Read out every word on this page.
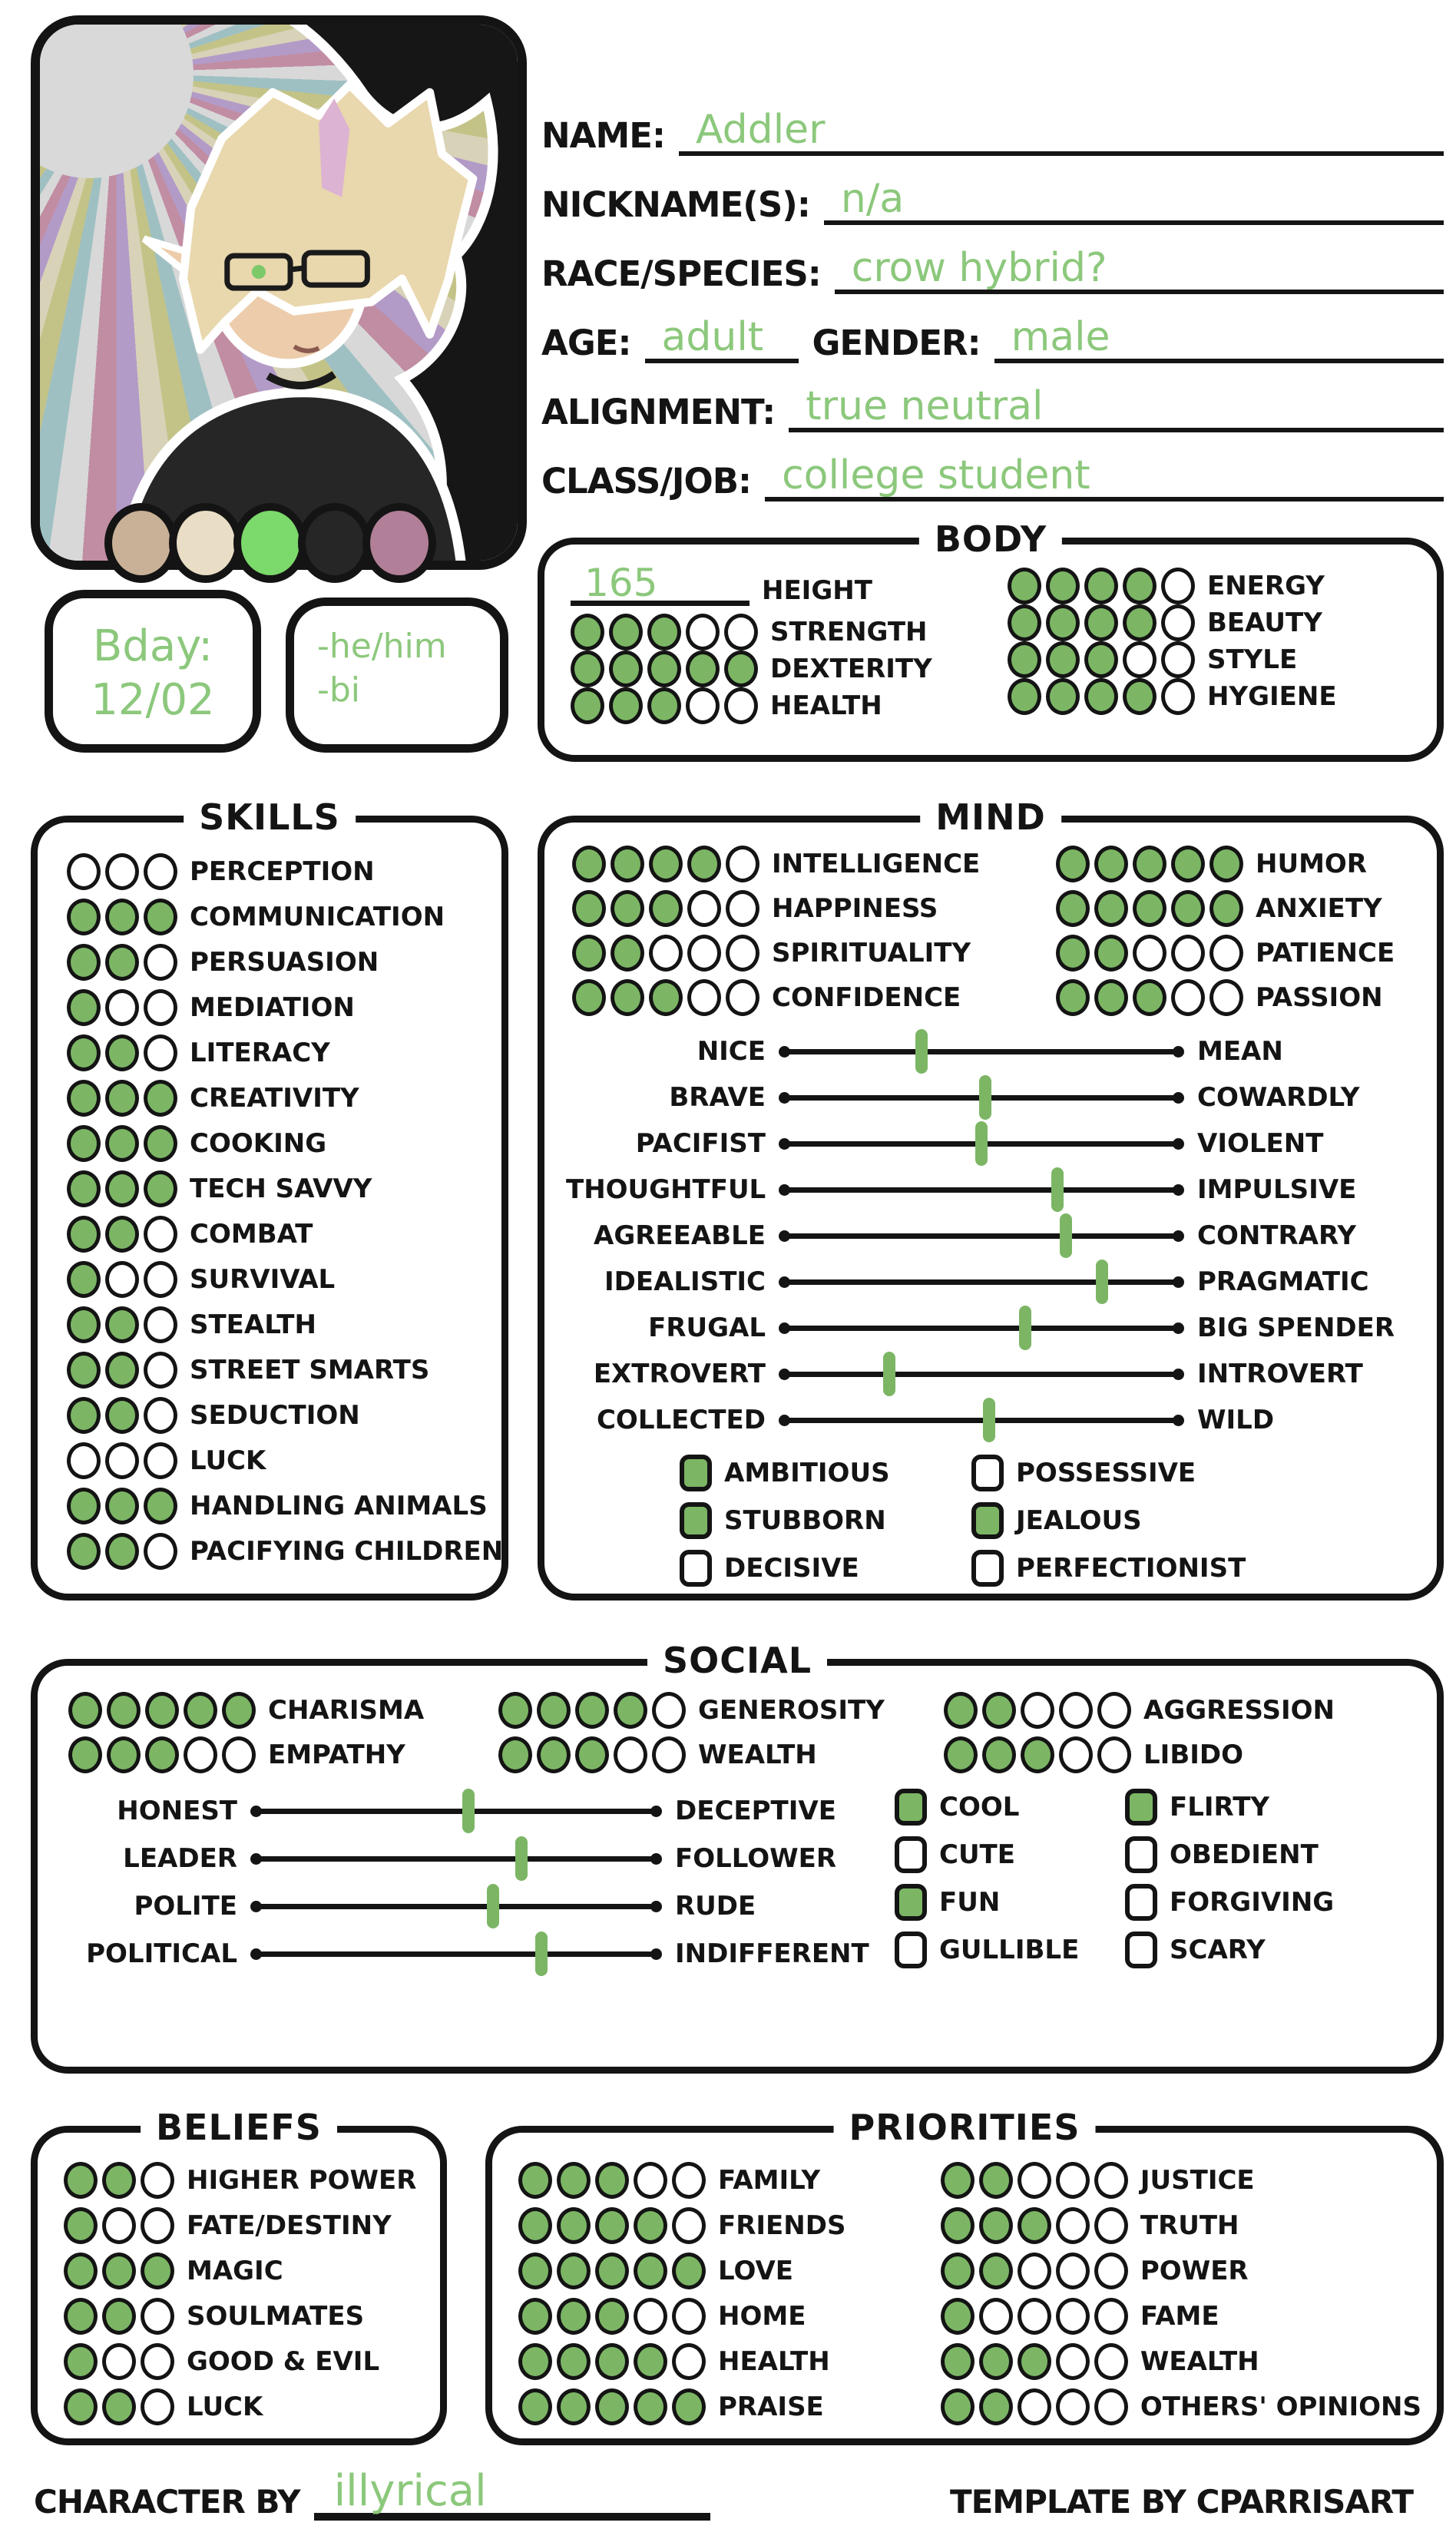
NAME: Addler
NICKNAME(S): n/a
RACE/SPECIES: crow hybrid?
AGE: adult	GENDER: male
ALIGNMENT: true neutral
CLASS/JOB: college student
Bday:
12/02
-he/him
-bi
BODY
165	HEIGHT
STRENGTH
DEXTERITY
HEALTH
ENERGY
BEAUTY
STYLE
HYGIENE
SKILLS
PERCEPTION
COMMUNICATION
PERSUASION
MEDIATION
LITERACY
CREATIVITY
COOKING
TECH SAVVY
COMBAT
SURVIVAL
STEALTH
STREET SMARTS
SEDUCTION
LUCK
HANDLING ANIMALS
PACIFYING CHILDREN
MIND
INTELLIGENCE
HAPPINESS
SPIRITUALITY
CONFIDENCE
HUMOR
ANXIETY
PATIENCE
PASSION
NICE	MEAN
BRAVE	COWARDLY
PACIFIST	VIOLENT
THOUGHTFUL	IMPULSIVE
AGREEABLE	CONTRARY
IDEALISTIC	PRAGMATIC
FRUGAL	BIG SPENDER
EXTROVERT	INTROVERT
COLLECTED	WILD
AMBITIOUS	POSSESSIVE
STUBBORN	JEALOUS
DECISIVE	PERFECTIONIST
SOCIAL
CHARISMA
EMPATHY
GENEROSITY
WEALTH
AGGRESSION
LIBIDO
HONEST	DECEPTIVE
LEADER	FOLLOWER
POLITE	RUDE
POLITICAL	INDIFFERENT
COOL	FLIRTY
CUTE	OBEDIENT
FUN	FORGIVING
GULLIBLE	SCARY
BELIEFS
HIGHER POWER
FATE/DESTINY
MAGIC
SOULMATES
GOOD & EVIL
LUCK
PRIORITIES
FAMILY
FRIENDS
LOVE
HOME
HEALTH
PRAISE
JUSTICE
TRUTH
POWER
FAME
WEALTH
OTHERS' OPINIONS
CHARACTER BY illyrical	TEMPLATE BY CPARRISART
